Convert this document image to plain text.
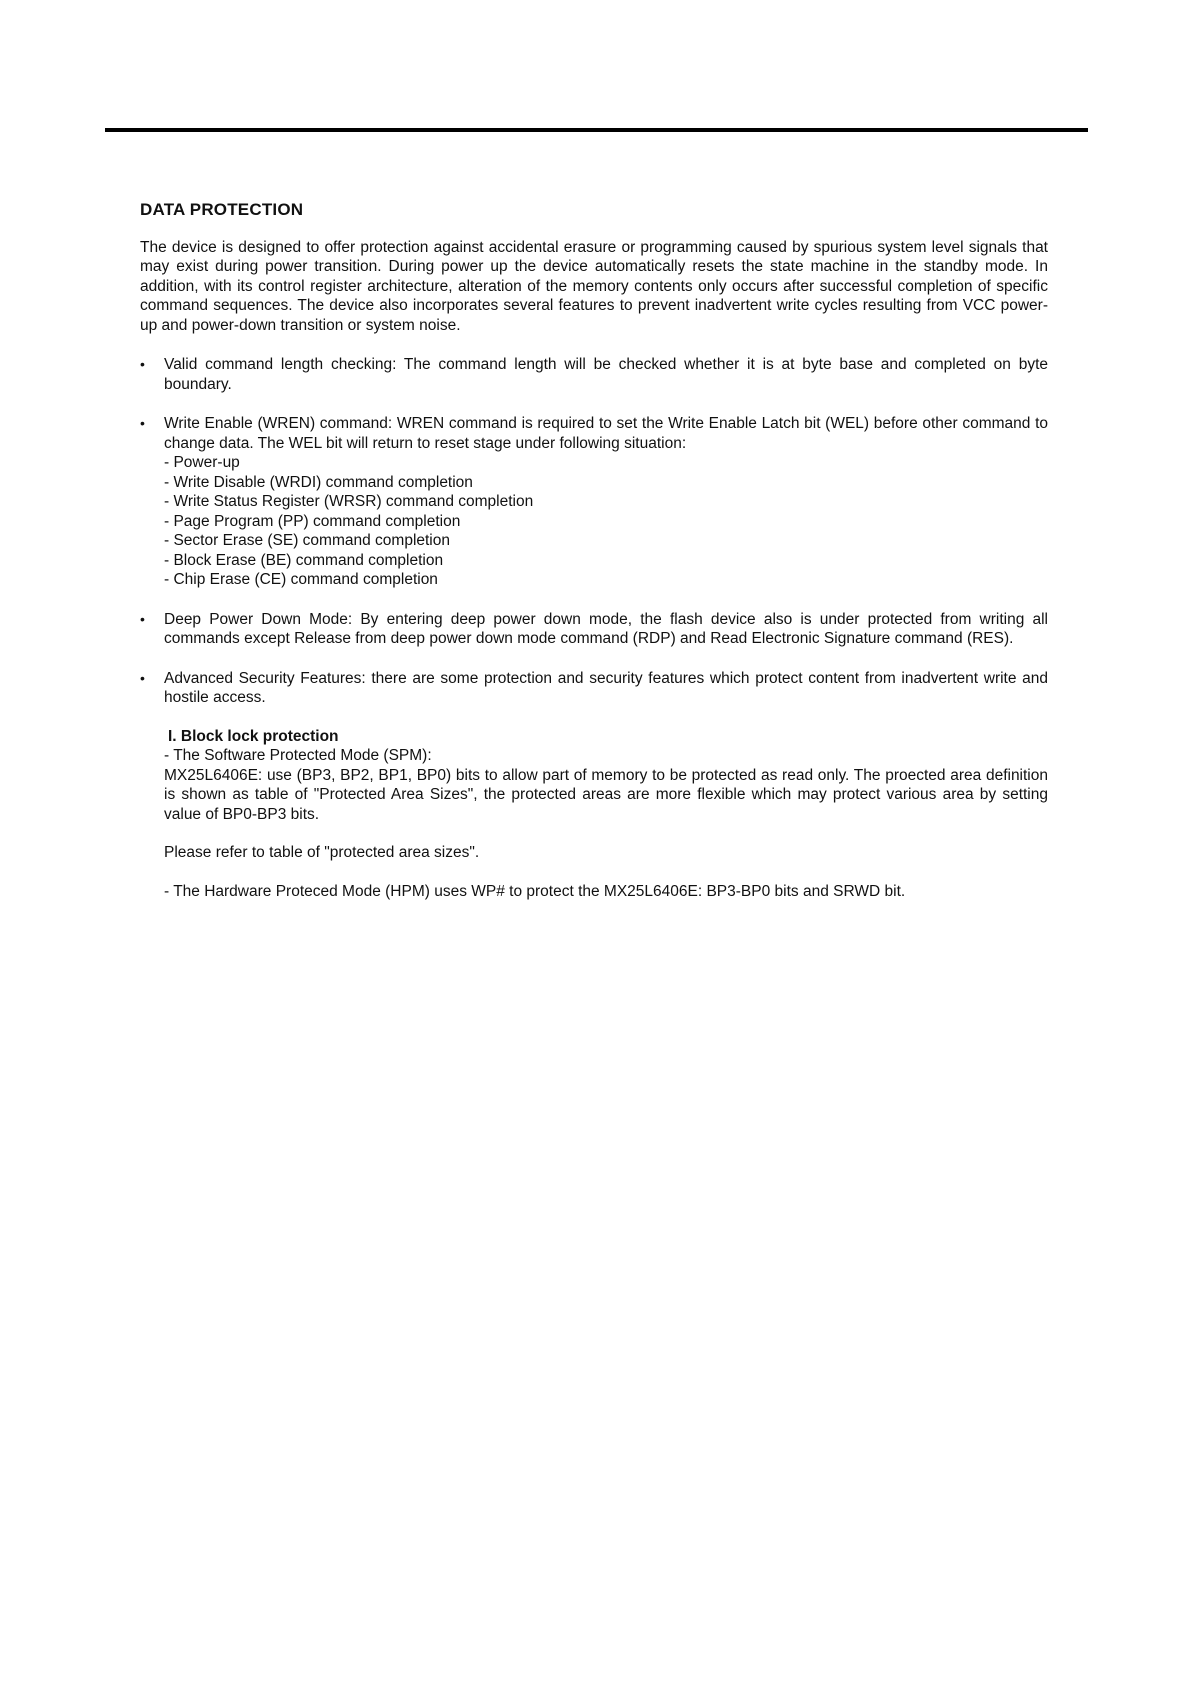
DATA PROTECTION

The device is designed to offer protection against accidental erasure or programming caused by spurious system level signals that may exist during power transition. During power up the device automatically resets the state machine in the standby mode. In addition, with its control register architecture, alteration of the memory contents only occurs after successful completion of specific command sequences. The device also incorporates several features to prevent inadvertent write cycles resulting from VCC power-up and power-down transition or system noise.

• Valid command length checking: The command length will be checked whether it is at byte base and completed on byte boundary.
• Write Enable (WREN) command: WREN command is required to set the Write Enable Latch bit (WEL) before other command to change data. The WEL bit will return to reset stage under following situation:
- Power-up
- Write Disable (WRDI) command completion
- Write Status Register (WRSR) command completion
- Page Program (PP) command completion
- Sector Erase (SE) command completion
- Block Erase (BE) command completion
- Chip Erase (CE) command completion
• Deep Power Down Mode: By entering deep power down mode, the flash device also is under protected from writing all commands except Release from deep power down mode command (RDP) and Read Electronic Signature command (RES).
• Advanced Security Features: there are some protection and security features which protect content from inadvertent write and hostile access.
I. Block lock protection
- The Software Protected Mode (SPM):
MX25L6406E: use (BP3, BP2, BP1, BP0) bits to allow part of memory to be protected as read only. The proected area definition is shown as table of "Protected Area Sizes", the protected areas are more flexible which may protect various area by setting value of BP0-BP3 bits.
Please refer to table of "protected area sizes".
- The Hardware Proteced Mode (HPM) uses WP# to protect the MX25L6406E: BP3-BP0 bits and SRWD bit.
